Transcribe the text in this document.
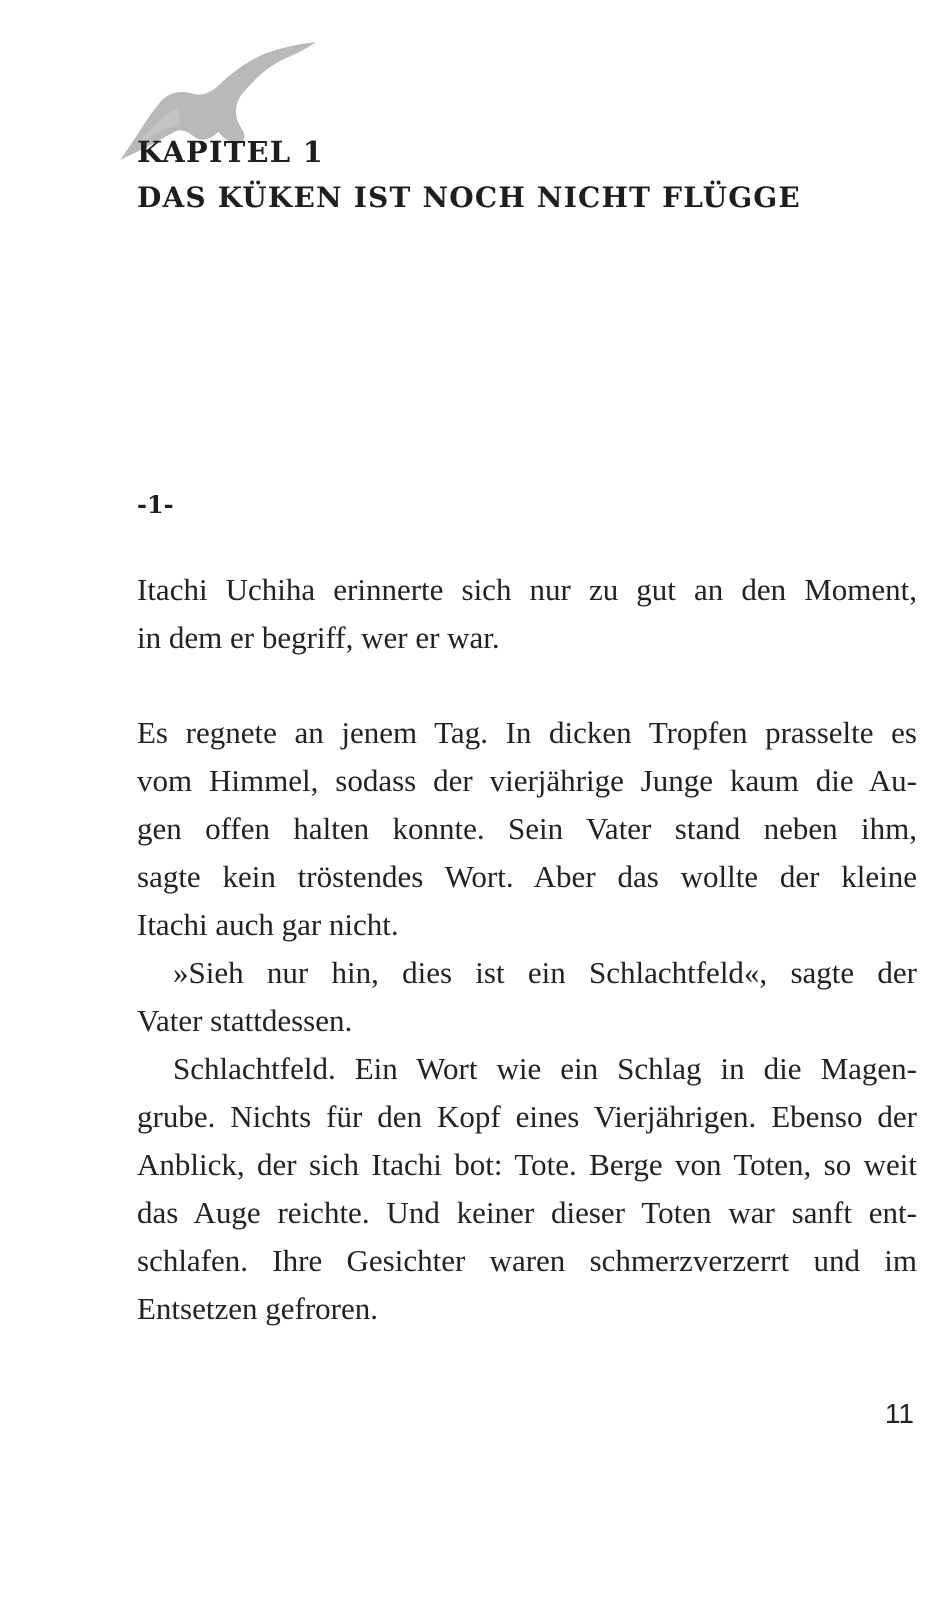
KAPITEL 1
DAS KÜKEN IST NOCH NICHT FLÜGGE
-1-
Itachi Uchiha erinnerte sich nur zu gut an den Moment,
in dem er begriff, wer er war.
Es regnete an jenem Tag. In dicken Tropfen prasselte es
vom Himmel, sodass der vierjährige Junge kaum die Au-
gen offen halten konnte. Sein Vater stand neben ihm,
sagte kein tröstendes Wort. Aber das wollte der kleine
Itachi auch gar nicht.
»Sieh nur hin, dies ist ein Schlachtfeld«, sagte der
Vater stattdessen.
Schlachtfeld. Ein Wort wie ein Schlag in die Magen-
grube. Nichts für den Kopf eines Vierjährigen. Ebenso der
Anblick, der sich Itachi bot: Tote. Berge von Toten, so weit
das Auge reichte. Und keiner dieser Toten war sanft ent-
schlafen. Ihre Gesichter waren schmerzverzerrt und im
Entsetzen gefroren.
11
